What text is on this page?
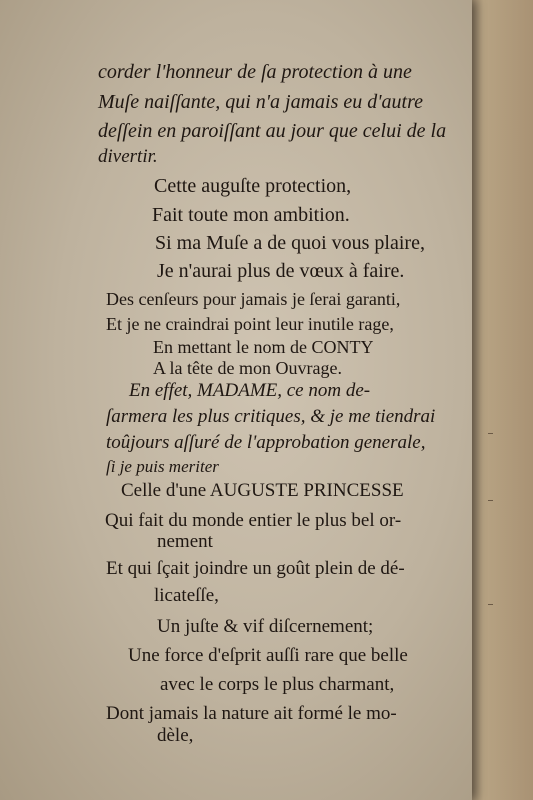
corder l'honneur de ſa protection à une
Muſe naiſſante, qui n'a jamais eu d'autre
deſſein en paroiſſant au jour que celui de la
divertir.
Cette auguſte protection,
Fait toute mon ambition.
Si ma Muſe a de quoi vous plaire,
Je n'aurai plus de vœux à faire.
Des cenſeurs pour jamais je ſerai garanti,
Et je ne craindrai point leur inutile rage,
En mettant le nom de CONTY
A la tête de mon Ouvrage.
En effet, MADAME, ce nom de-
ſarmera les plus critiques, & je me tiendrai
toûjours aſſuré de l'approbation generale,
ſi je puis meriter
Celle d'une AUGUSTE PRINCESSE
Qui fait du monde entier le plus bel or-
nement
Et qui ſçait joindre un goût plein de dé-
licateſſe,
Un juſte & vif diſcernement;
Une force d'eſprit auſſi rare que belle
avec le corps le plus charmant,
Dont jamais la nature ait formé le mo-
dèle,
